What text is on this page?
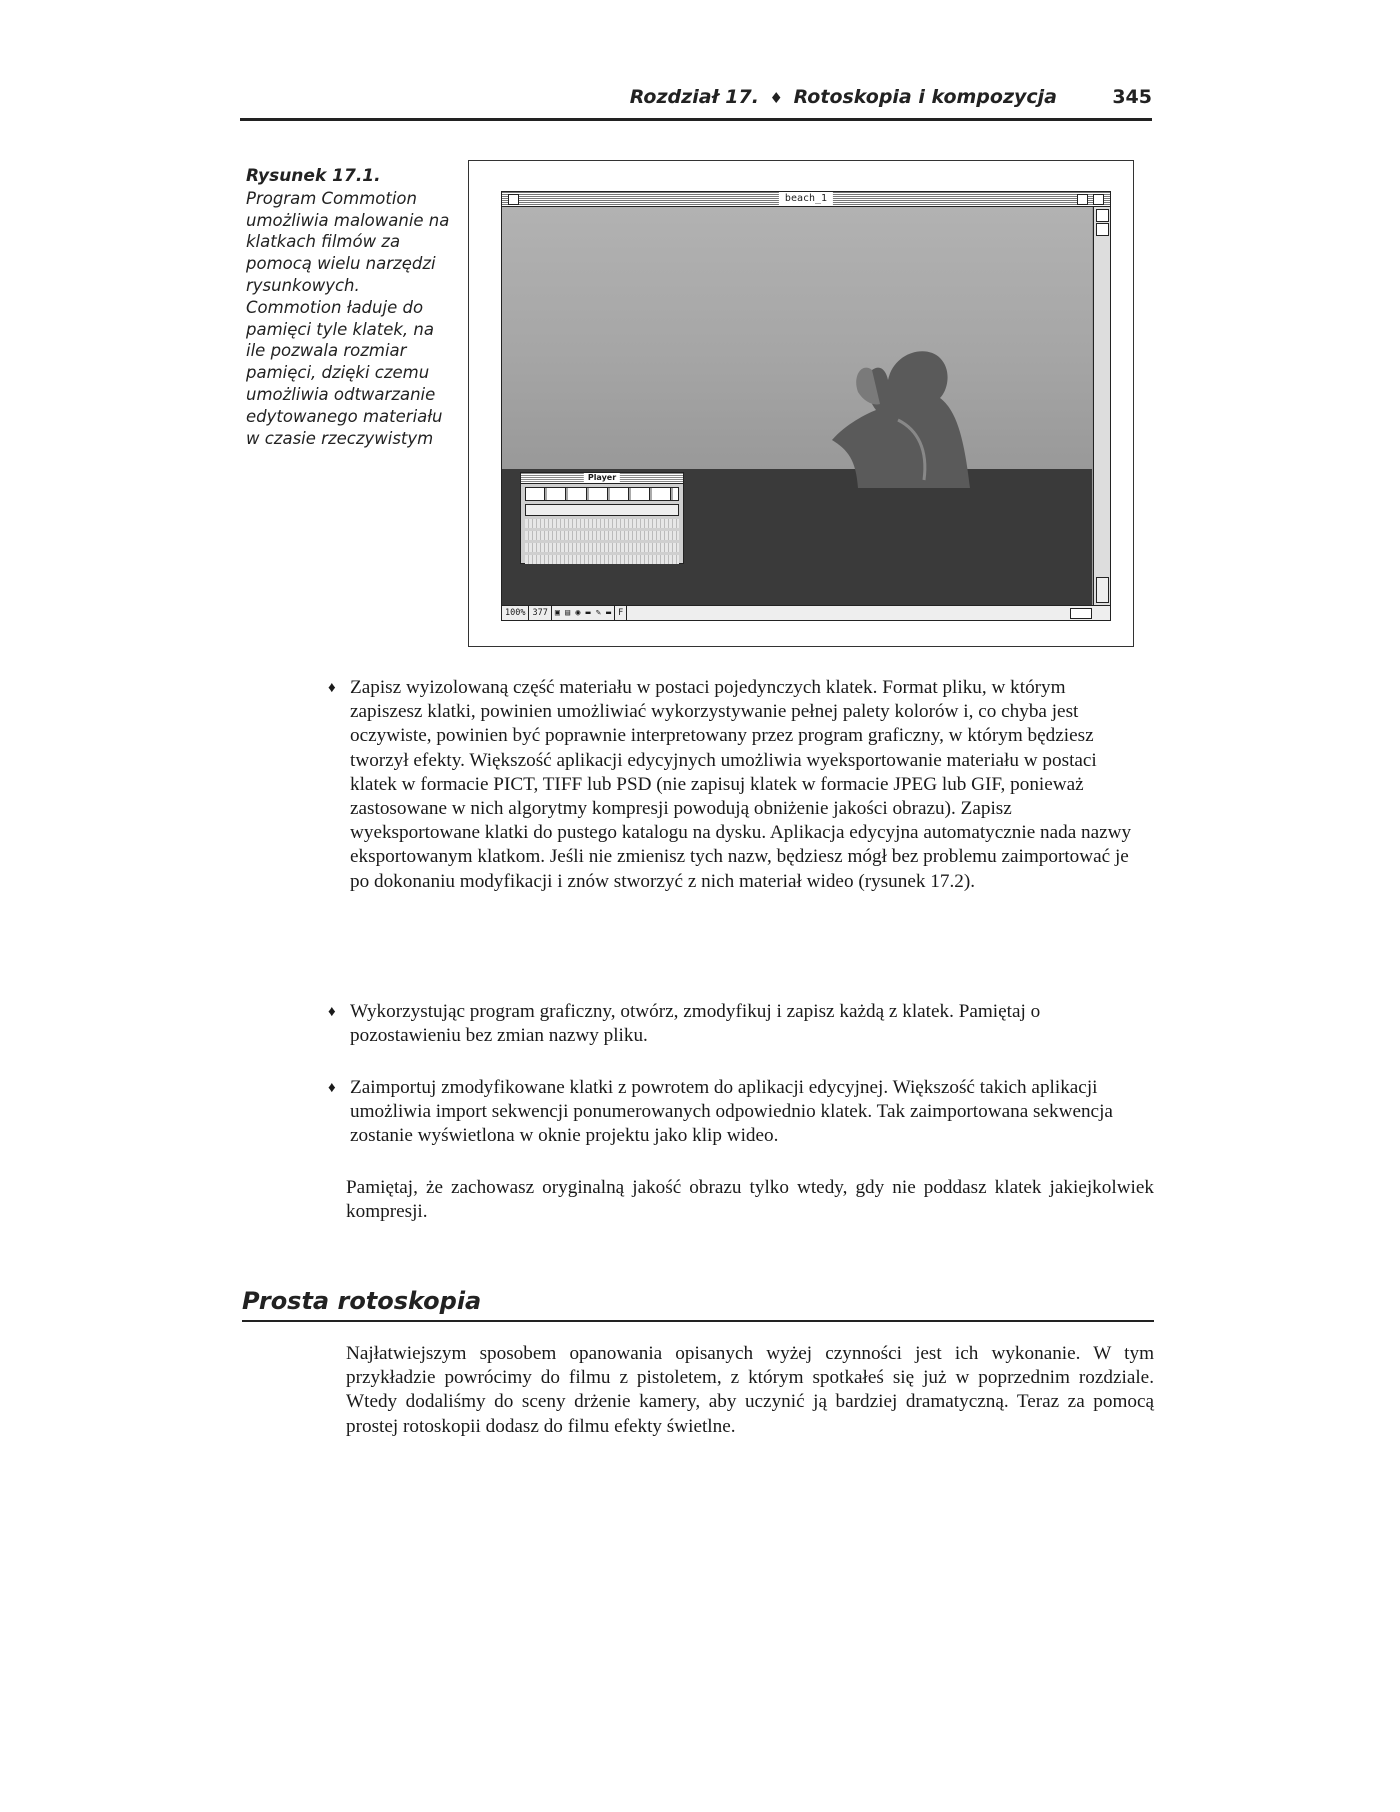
Rozdział 17. ♦ Rotoskopia i kompozycja	345
Rysunek 17.1.
Program Commotion umożliwia malowanie na klatkach filmów za pomocą wielu narzędzi rysunkowych. Commotion ładuje do pamięci tyle klatek, na ile pozwala rozmiar pamięci, dzięki czemu umożliwia odtwarzanie edytowanego materiału w czasie rzeczywistym
beach_1
Player
100% 377 ▣ ▤ ◉ ▬ ✎ ▬ F
♦ Zapisz wyizolowaną część materiału w postaci pojedynczych klatek. Format pliku, w którym zapiszesz klatki, powinien umożliwiać wykorzystywanie pełnej palety kolorów i, co chyba jest oczywiste, powinien być poprawnie interpretowany przez program graficzny, w którym będziesz tworzył efekty. Większość aplikacji edycyjnych umożliwia wyeksportowanie materiału w postaci klatek w formacie PICT, TIFF lub PSD (nie zapisuj klatek w formacie JPEG lub GIF, ponieważ zastosowane w nich algorytmy kompresji powodują obniżenie jakości obrazu). Zapisz wyeksportowane klatki do pustego katalogu na dysku. Aplikacja edycyjna automatycznie nada nazwy eksportowanym klatkom. Jeśli nie zmienisz tych nazw, będziesz mógł bez problemu zaimportować je po dokonaniu modyfikacji i znów stworzyć z nich materiał wideo (rysunek 17.2).
♦ Wykorzystując program graficzny, otwórz, zmodyfikuj i zapisz każdą z klatek. Pamiętaj o pozostawieniu bez zmian nazwy pliku.
♦ Zaimportuj zmodyfikowane klatki z powrotem do aplikacji edycyjnej. Większość takich aplikacji umożliwia import sekwencji ponumerowanych odpowiednio klatek. Tak zaimportowana sekwencja zostanie wyświetlona w oknie projektu jako klip wideo.
Pamiętaj, że zachowasz oryginalną jakość obrazu tylko wtedy, gdy nie poddasz klatek jakiejkolwiek kompresji.
Prosta rotoskopia
Najłatwiejszym sposobem opanowania opisanych wyżej czynności jest ich wykonanie. W tym przykładzie powrócimy do filmu z pistoletem, z którym spotkałeś się już w poprzednim rozdziale. Wtedy dodaliśmy do sceny drżenie kamery, aby uczynić ją bardziej dramatyczną. Teraz za pomocą prostej rotoskopii dodasz do filmu efekty świetlne.
